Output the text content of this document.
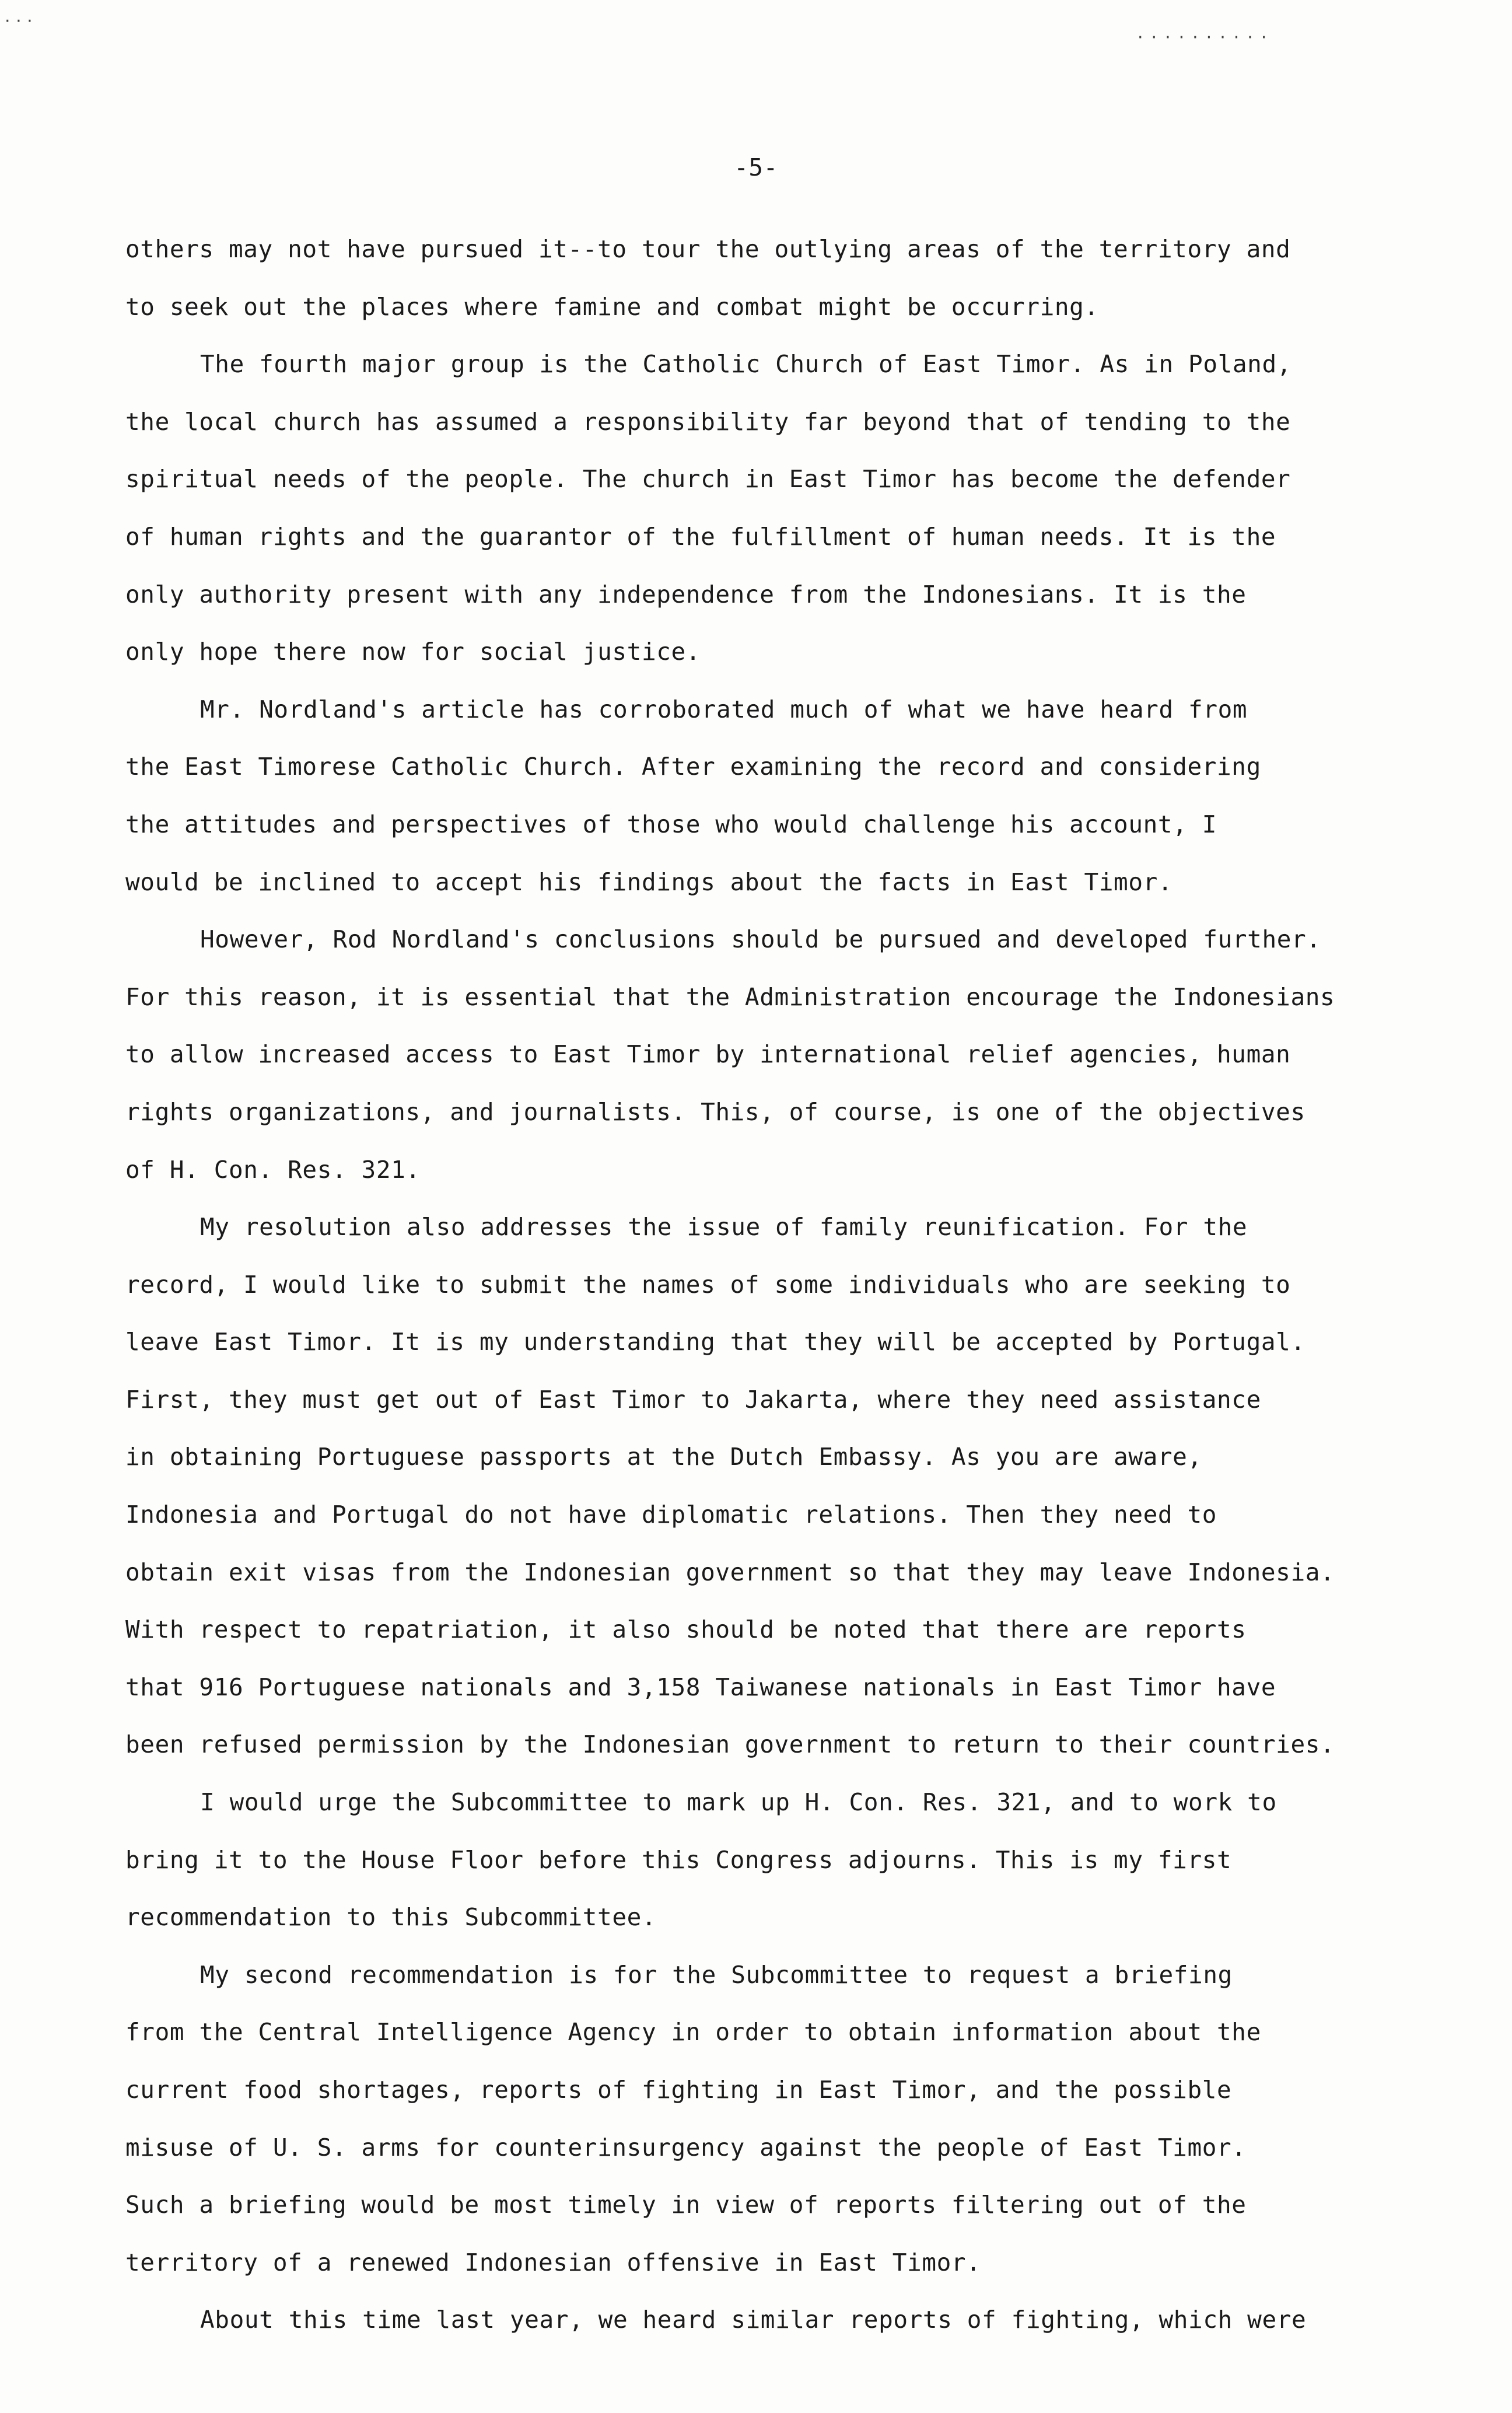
· · ·
··········
-5-
others may not have pursued it--to tour the outlying areas of the territory and
to seek out the places where famine and combat might be occurring.
The fourth major group is the Catholic Church of East Timor. As in Poland,
the local church has assumed a responsibility far beyond that of tending to the
spiritual needs of the people. The church in East Timor has become the defender
of human rights and the guarantor of the fulfillment of human needs. It is the
only authority present with any independence from the Indonesians. It is the
only hope there now for social justice.
Mr. Nordland's article has corroborated much of what we have heard from
the East Timorese Catholic Church. After examining the record and considering
the attitudes and perspectives of those who would challenge his account, I
would be inclined to accept his findings about the facts in East Timor.
However, Rod Nordland's conclusions should be pursued and developed further.
For this reason, it is essential that the Administration encourage the Indonesians
to allow increased access to East Timor by international relief agencies, human
rights organizations, and journalists. This, of course, is one of the objectives
of H. Con. Res. 321.
My resolution also addresses the issue of family reunification. For the
record, I would like to submit the names of some individuals who are seeking to
leave East Timor. It is my understanding that they will be accepted by Portugal.
First, they must get out of East Timor to Jakarta, where they need assistance
in obtaining Portuguese passports at the Dutch Embassy. As you are aware,
Indonesia and Portugal do not have diplomatic relations. Then they need to
obtain exit visas from the Indonesian government so that they may leave Indonesia.
With respect to repatriation, it also should be noted that there are reports
that 916 Portuguese nationals and 3,158 Taiwanese nationals in East Timor have
been refused permission by the Indonesian government to return to their countries.
I would urge the Subcommittee to mark up H. Con. Res. 321, and to work to
bring it to the House Floor before this Congress adjourns. This is my first
recommendation to this Subcommittee.
My second recommendation is for the Subcommittee to request a briefing
from the Central Intelligence Agency in order to obtain information about the
current food shortages, reports of fighting in East Timor, and the possible
misuse of U. S. arms for counterinsurgency against the people of East Timor.
Such a briefing would be most timely in view of reports filtering out of the
territory of a renewed Indonesian offensive in East Timor.
About this time last year, we heard similar reports of fighting, which were
